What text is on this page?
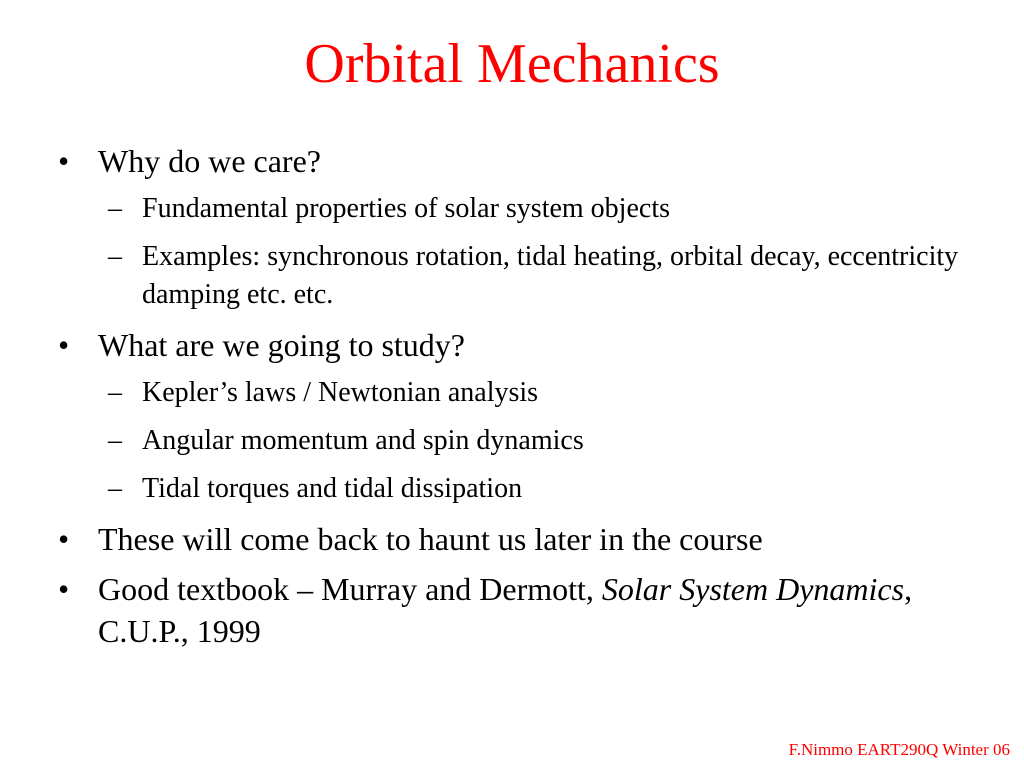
Orbital Mechanics
• Why do we care?
– Fundamental properties of solar system objects
– Examples: synchronous rotation, tidal heating, orbital decay, eccentricity damping etc. etc.
• What are we going to study?
– Kepler’s laws / Newtonian analysis
– Angular momentum and spin dynamics
– Tidal torques and tidal dissipation
• These will come back to haunt us later in the course
• Good textbook – Murray and Dermott, Solar System Dynamics, C.U.P., 1999
F.Nimmo EART290Q Winter 06
